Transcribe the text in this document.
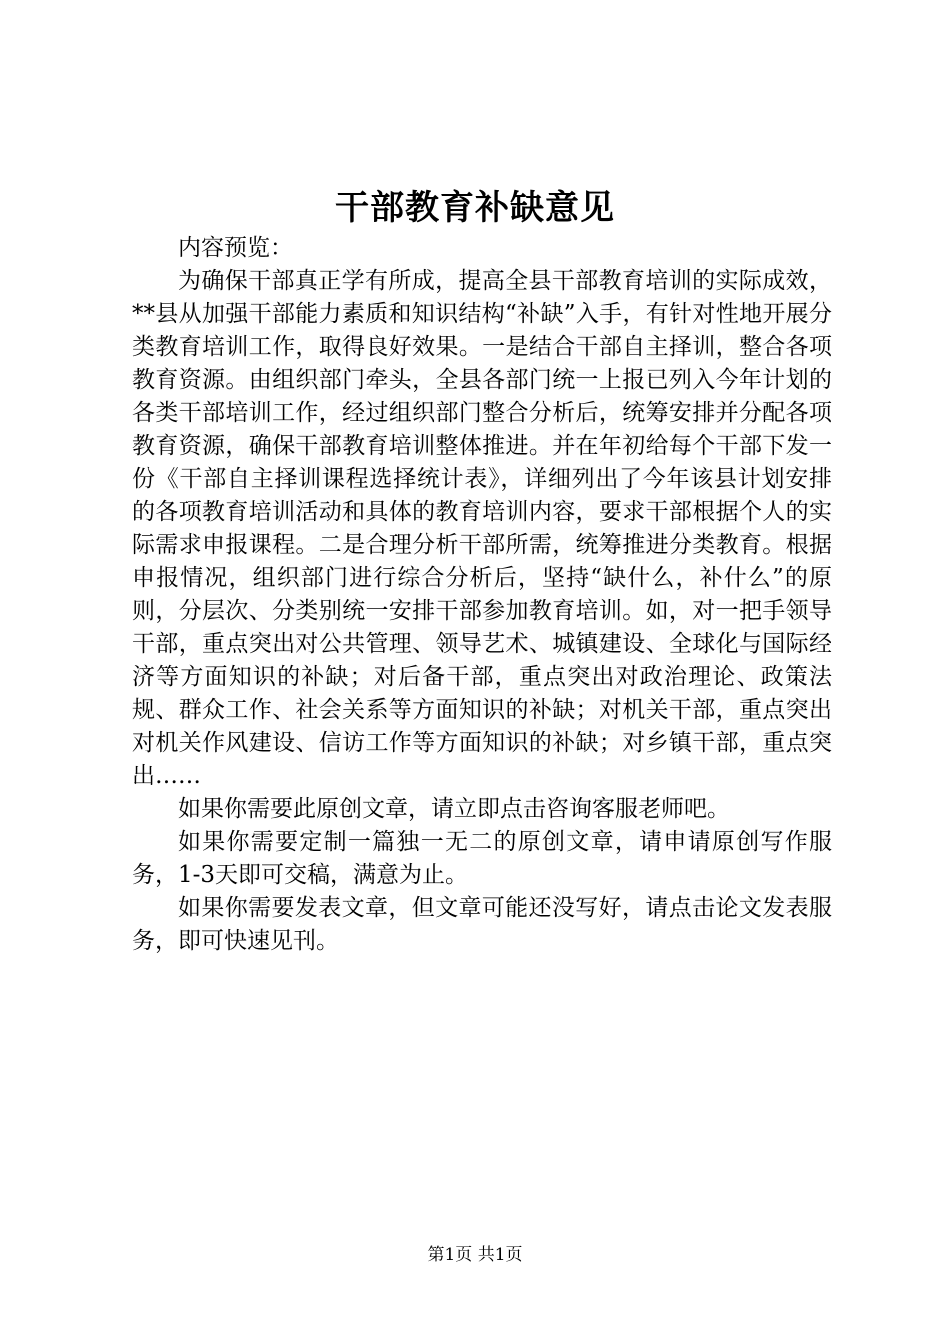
干部教育补缺意见

内容预览：

为确保干部真正学有所成，提高全县干部教育培训的实际成效，**县从加强干部能力素质和知识结构“补缺”入手，有针对性地开展分类教育培训工作，取得良好效果。一是结合干部自主择训，整合各项教育资源。由组织部门牵头，全县各部门统一上报已列入今年计划的各类干部培训工作，经过组织部门整合分析后，统筹安排并分配各项教育资源，确保干部教育培训整体推进。并在年初给每个干部下发一份《干部自主择训课程选择统计表》，详细列出了今年该县计划安排的各项教育培训活动和具体的教育培训内容，要求干部根据个人的实际需求申报课程。二是合理分析干部所需，统筹推进分类教育。根据申报情况，组织部门进行综合分析后，坚持“缺什么，补什么”的原则，分层次、分类别统一安排干部参加教育培训。如，对一把手领导干部，重点突出对公共管理、领导艺术、城镇建设、全球化与国际经济等方面知识的补缺；对后备干部，重点突出对政治理论、政策法规、群众工作、社会关系等方面知识的补缺；对机关干部，重点突出对机关作风建设、信访工作等方面知识的补缺；对乡镇干部，重点突出……

如果你需要此原创文章，请立即点击咨询客服老师吧。

如果你需要定制一篇独一无二的原创文章，请申请原创写作服务，1-3天即可交稿，满意为止。

如果你需要发表文章，但文章可能还没写好，请点击论文发表服务，即可快速见刊。

第1页 共1页
